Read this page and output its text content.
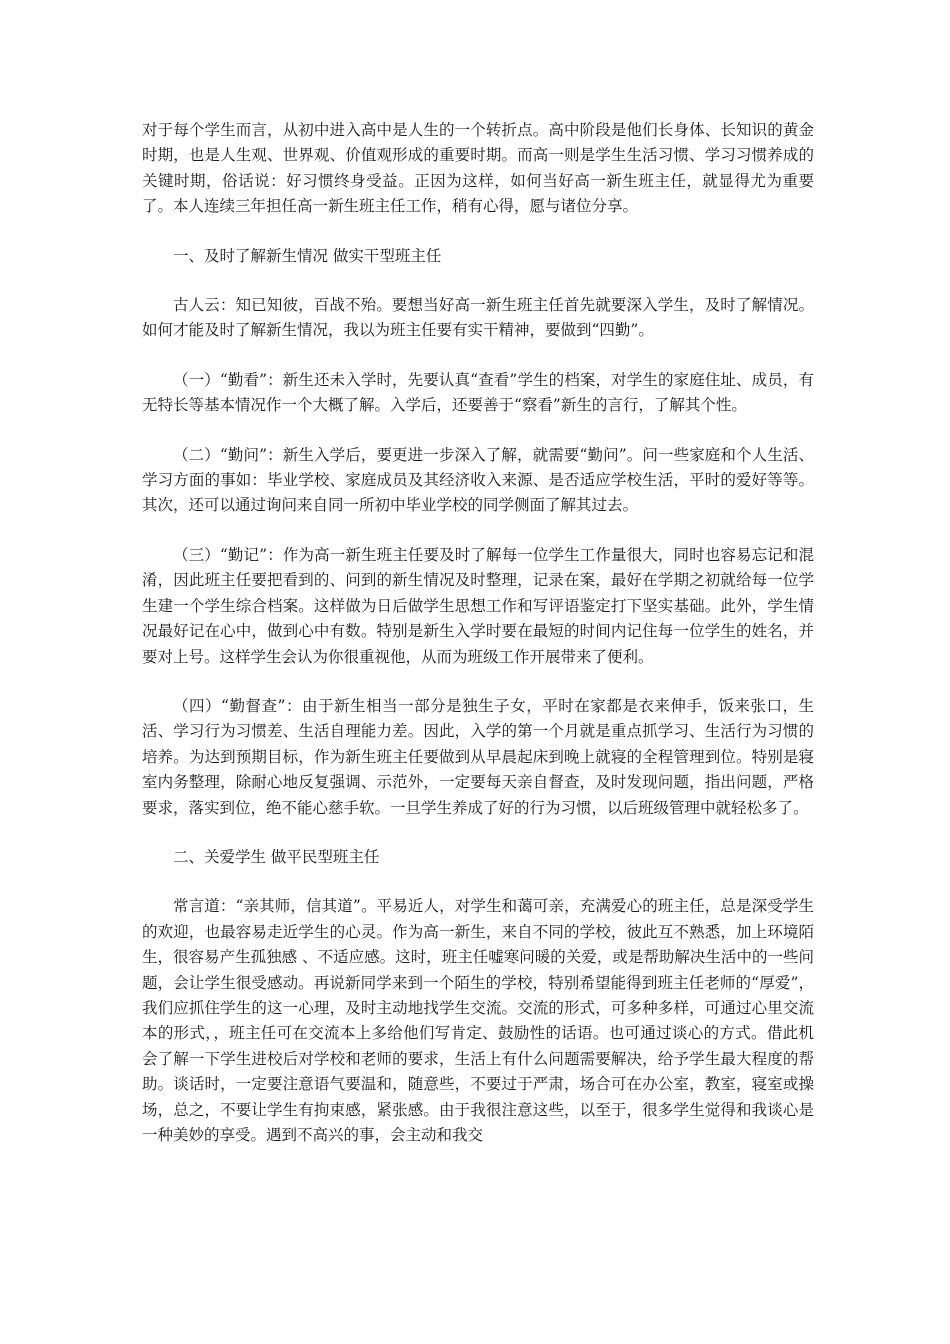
对于每个学生而言，从初中进入高中是人生的一个转折点。高中阶段是他们长身体、长知识的黄金时期，也是人生观、世界观、价值观形成的重要时期。而高一则是学生生活习惯、学习习惯养成的关键时期，俗话说：好习惯终身受益。正因为这样，如何当好高一新生班主任，就显得尤为重要了。本人连续三年担任高一新生班主任工作，稍有心得，愿与诸位分享。

一、及时了解新生情况 做实干型班主任

古人云：知已知彼，百战不殆。要想当好高一新生班主任首先就要深入学生，及时了解情况。如何才能及时了解新生情况，我以为班主任要有实干精神，要做到“四勤”。

（一）“勤看”：新生还未入学时，先要认真“查看”学生的档案，对学生的家庭住址、成员，有无特长等基本情况作一个大概了解。入学后，还要善于“察看”新生的言行，了解其个性。

（二）“勤问”：新生入学后，要更进一步深入了解，就需要“勤问”。问一些家庭和个人生活、学习方面的事如：毕业学校、家庭成员及其经济收入来源、是否适应学校生活，平时的爱好等等。其次，还可以通过询问来自同一所初中毕业学校的同学侧面了解其过去。

（三）“勤记”：作为高一新生班主任要及时了解每一位学生工作量很大，同时也容易忘记和混淆，因此班主任要把看到的、问到的新生情况及时整理，记录在案，最好在学期之初就给每一位学生建一个学生综合档案。这样做为日后做学生思想工作和写评语鉴定打下坚实基础。此外，学生情况最好记在心中，做到心中有数。特别是新生入学时要在最短的时间内记住每一位学生的姓名，并要对上号。这样学生会认为你很重视他，从而为班级工作开展带来了便利。

（四）“勤督查”：由于新生相当一部分是独生子女，平时在家都是衣来伸手，饭来张口，生活、学习行为习惯差、生活自理能力差。因此，入学的第一个月就是重点抓学习、生活行为习惯的培养。为达到预期目标，作为新生班主任要做到从早晨起床到晚上就寝的全程管理到位。特别是寝室内务整理，除耐心地反复强调、示范外，一定要每天亲自督查，及时发现问题，指出问题，严格要求，落实到位，绝不能心慈手软。一旦学生养成了好的行为习惯，以后班级管理中就轻松多了。

二、关爱学生 做平民型班主任

常言道：“亲其师，信其道”。平易近人，对学生和蔼可亲，充满爱心的班主任，总是深受学生的欢迎，也最容易走近学生的心灵。作为高一新生，来自不同的学校，彼此互不熟悉，加上环境陌生，很容易产生孤独感 、不适应感。这时，班主任嘘寒问暖的关爱，或是帮助解决生活中的一些问题，会让学生很受感动。再说新同学来到一个陌生的学校，特别希望能得到班主任老师的“厚爱”，我们应抓住学生的这一心理，及时主动地找学生交流。交流的形式，可多种多样，可通过心里交流本的形式，，班主任可在交流本上多给他们写肯定、鼓励性的话语。也可通过谈心的方式。借此机会了解一下学生进校后对学校和老师的要求，生活上有什么问题需要解决，给予学生最大程度的帮助。谈话时，一定要注意语气要温和，随意些，不要过于严肃，场合可在办公室，教室，寝室或操场，总之，不要让学生有拘束感，紧张感。由于我很注意这些，以至于，很多学生觉得和我谈心是一种美妙的享受。遇到不高兴的事，会主动和我交
